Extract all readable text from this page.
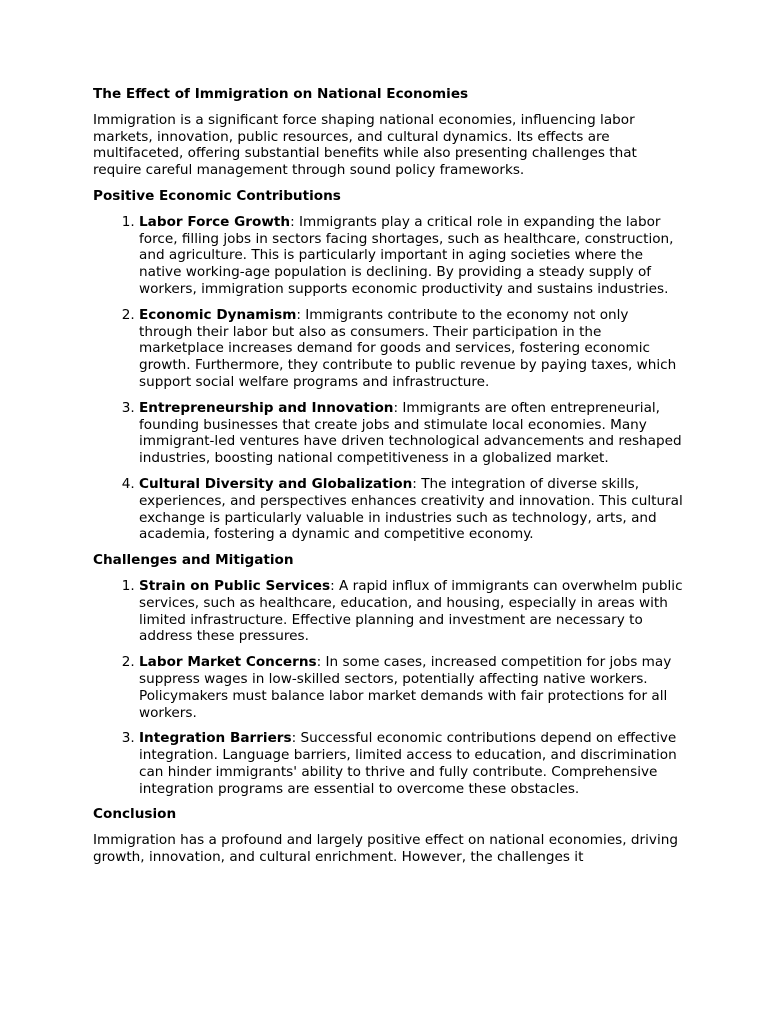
The Effect of Immigration on National Economies

Immigration is a significant force shaping national economies, influencing labor markets, innovation, public resources, and cultural dynamics. Its effects are multifaceted, offering substantial benefits while also presenting challenges that require careful management through sound policy frameworks.

Positive Economic Contributions
1. Labor Force Growth: Immigrants play a critical role in expanding the labor force, filling jobs in sectors facing shortages, such as healthcare, construction, and agriculture. This is particularly important in aging societies where the native working-age population is declining. By providing a steady supply of workers, immigration supports economic productivity and sustains industries.
2. Economic Dynamism: Immigrants contribute to the economy not only through their labor but also as consumers. Their participation in the marketplace increases demand for goods and services, fostering economic growth. Furthermore, they contribute to public revenue by paying taxes, which support social welfare programs and infrastructure.
3. Entrepreneurship and Innovation: Immigrants are often entrepreneurial, founding businesses that create jobs and stimulate local economies. Many immigrant-led ventures have driven technological advancements and reshaped industries, boosting national competitiveness in a globalized market.
4. Cultural Diversity and Globalization: The integration of diverse skills, experiences, and perspectives enhances creativity and innovation. This cultural exchange is particularly valuable in industries such as technology, arts, and academia, fostering a dynamic and competitive economy.
Challenges and Mitigation
1. Strain on Public Services: A rapid influx of immigrants can overwhelm public services, such as healthcare, education, and housing, especially in areas with limited infrastructure. Effective planning and investment are necessary to address these pressures.
2. Labor Market Concerns: In some cases, increased competition for jobs may suppress wages in low-skilled sectors, potentially affecting native workers. Policymakers must balance labor market demands with fair protections for all workers.
3. Integration Barriers: Successful economic contributions depend on effective integration. Language barriers, limited access to education, and discrimination can hinder immigrants' ability to thrive and fully contribute. Comprehensive integration programs are essential to overcome these obstacles.
Conclusion

Immigration has a profound and largely positive effect on national economies, driving growth, innovation, and cultural enrichment. However, the challenges it
